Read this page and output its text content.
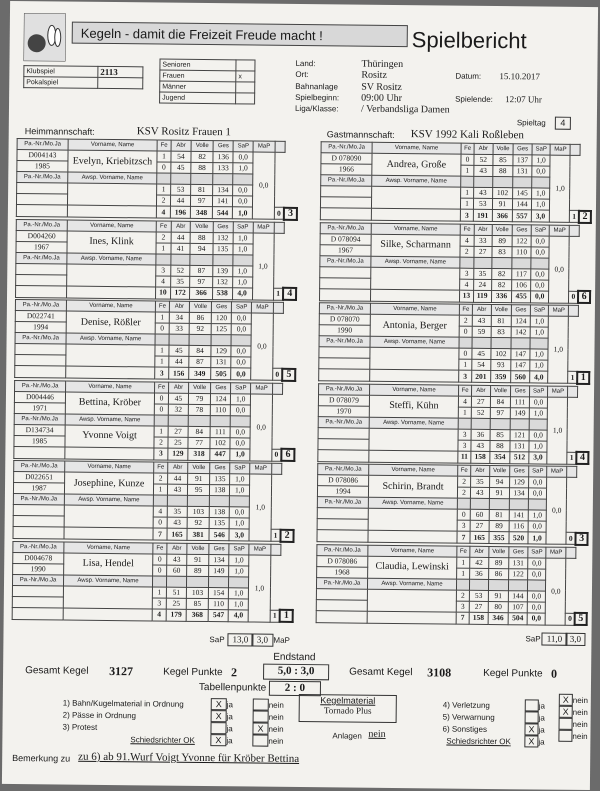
Kegeln - damit die Freizeit Freude macht !	Spielbericht
Klubspiel	2113
Pokalspiel	
Senioren	
Frauen	x
Männer	
Jugend	
Land:	Thüringen
Ort:	Rositz	Datum: 15.10.2017
Bahnanlage SV Rositz
Spielbeginn: 09:00 Uhr	Spielende: 12:07 Uhr
Liga/Klasse: / Verbandsliga Damen
Spieltag	4
Heimmannschaft:	KSV Rositz Frauen 1	Gastmannschaft: KSV 1992 Kali Roßleben
Pa.-Nr./Mo.Ja	Vorname, Name	Fe	Abr	Volle	Ges	SaP	MaP		
D004143	Evelyn, Kriebitzsch	1	54	82	136	0,0	0,0		
1985		0	45	88	133	1,0			
Pa.-Nr./Mo.Ja	Awsp. Vorname, Name								
		1	53	81	134	0,0			
		2	44	97	141	0,0			
		4	196	348	544	1,0		0	3
Pa.-Nr./Mo.Ja	Vorname, Name	Fe	Abr	Volle	Ges	SaP	MaP		
D004260	Ines, Klink	2	44	88	132	1,0	1,0		
1967		1	41	94	135	1,0			
Pa.-Nr./Mo.Ja	Awsp. Vorname, Name								
		3	52	87	139	1,0			
		4	35	97	132	1,0			
		10	172	366	538	4,0		1	4
Pa.-Nr./Mo.Ja	Vorname, Name	Fe	Abr	Volle	Ges	SaP	MaP		
D022741	Denise, Rößler	1	34	86	120	0,0	0,0		
1994		0	33	92	125	0,0			
Pa.-Nr./Mo.Ja	Awsp. Vorname, Name								
		1	45	84	129	0,0			
		1	44	87	131	0,0			
		3	156	349	505	0,0		0	5
Pa.-Nr./Mo.Ja	Vorname, Name	Fe	Abr	Volle	Ges	SaP	MaP		
D004446	Bettina, Kröber	0	45	79	124	1,0	0,0		
1971		0	32	78	110	0,0			
Pa.-Nr./Mo.Ja	Awsp. Vorname, Name								
D134734	Yvonne Voigt	1	27	84	111	0,0			
1985		2	25	77	102	0,0			
		3	129	318	447	1,0		0	6
Pa.-Nr./Mo.Ja	Vorname, Name	Fe	Abr	Volle	Ges	SaP	MaP		
D022651	Josephine, Kunze	2	44	91	135	1,0	1,0		
1987		1	43	95	138	1,0			
Pa.-Nr./Mo.Ja	Awsp. Vorname, Name								
		4	35	103	138	0,0			
		0	43	92	135	1,0			
		7	165	381	546	3,0		1	2
Pa.-Nr./Mo.Ja	Vorname, Name	Fe	Abr	Volle	Ges	SaP	MaP		
D004678	Lisa, Hendel	0	43	91	134	1,0	1,0		
1990		0	60	89	149	1,0			
Pa.-Nr./Mo.Ja	Awsp. Vorname, Name								
		1	51	103	154	1,0			
		3	25	85	110	1,0			
		4	179	368	547	4,0		1	1
Pa.-Nr./Mo.Ja	Vorname, Name	Fe	Abr	Volle	Ges	SaP	MaP		
D 078090	Andrea, Große	0	52	85	137	1,0	1,0		
1966		1	43	88	131	0,0			
Pa.-Nr./Mo.Ja	Awsp. Vorname, Name								
		1	43	102	145	1,0			
		1	53	91	144	1,0			
		3	191	366	557	3,0		1	2
Pa.-Nr./Mo.Ja	Vorname, Name	Fe	Abr	Volle	Ges	SaP	MaP		
D 078094	Silke, Scharmann	4	33	89	122	0,0	0,0		
1967		2	27	83	110	0,0			
Pa.-Nr./Mo.Ja	Awsp. Vorname, Name								
		3	35	82	117	0,0			
		4	24	82	106	0,0			
		13	119	336	455	0,0		0	6
Pa.-Nr./Mo.Ja	Vorname, Name	Fe	Abr	Volle	Ges	SaP	MaP		
D 078070	Antonia, Berger	2	43	81	124	1,0	1,0		
1990		0	59	83	142	1,0			
Pa.-Nr./Mo.Ja	Awsp. Vorname, Name								
		0	45	102	147	1,0			
		1	54	93	147	1,0			
		3	201	359	560	4,0		1	1
Pa.-Nr./Mo.Ja	Vorname, Name	Fe	Abr	Volle	Ges	SaP	MaP		
D 078079	Steffi, Kühn	4	27	84	111	0,0	1,0		
1970		1	52	97	149	1,0			
Pa.-Nr./Mo.Ja	Awsp. Vorname, Name								
		3	36	85	121	0,0			
		3	43	88	131	1,0			
		11	158	354	512	3,0		1	4
Pa.-Nr./Mo.Ja	Vorname, Name	Fe	Abr	Volle	Ges	SaP	MaP		
D 078086	Schirin, Brandt	2	35	94	129	0,0	0,0		
1994		2	43	91	134	0,0			
Pa.-Nr./Mo.Ja	Awsp. Vorname, Name								
		0	60	81	141	1,0			
		3	27	89	116	0,0			
		7	165	355	520	1,0		0	3
Pa.-Nr./Mo.Ja	Vorname, Name	Fe	Abr	Volle	Ges	SaP	MaP		
D 078086	Claudia, Lewinski	1	42	89	131	0,0	0,0		
1968		1	36	86	122	0,0			
Pa.-Nr./Mo.Ja	Awsp. Vorname, Name								
		2	53	91	144	0,0			
		3	27	80	107	0,0			
		7	158	346	504	0,0		0	5
SaP 13,0 3,0 MaP	SaP 11,0 3,0
Endstand
5,0 : 3,0
Gesamt Kegel 3127	Kegel Punkte 2	Gesamt Kegel 3108	Kegel Punkte 0
Tabellenpunkte	2 : 0
1) Bahn/Kugelmaterial in Ordnung
2) Pässe in Ordnung
3) Protest
Schiedsrichter OK
X ja	nein
X ja	nein
ja	X nein
X ja	nein
Kegelmaterial
Tornado Plus
Anlagen nein
4) Verletzung
5) Verwarnung
6) Sonstiges
Schiedsrichter OK
ja
X nein
ja
X nein
X ja
nein
X ja
nein
Bemerkung zu zu 6) ab 91.Wurf Voigt Yvonne für Kröber Bettina
